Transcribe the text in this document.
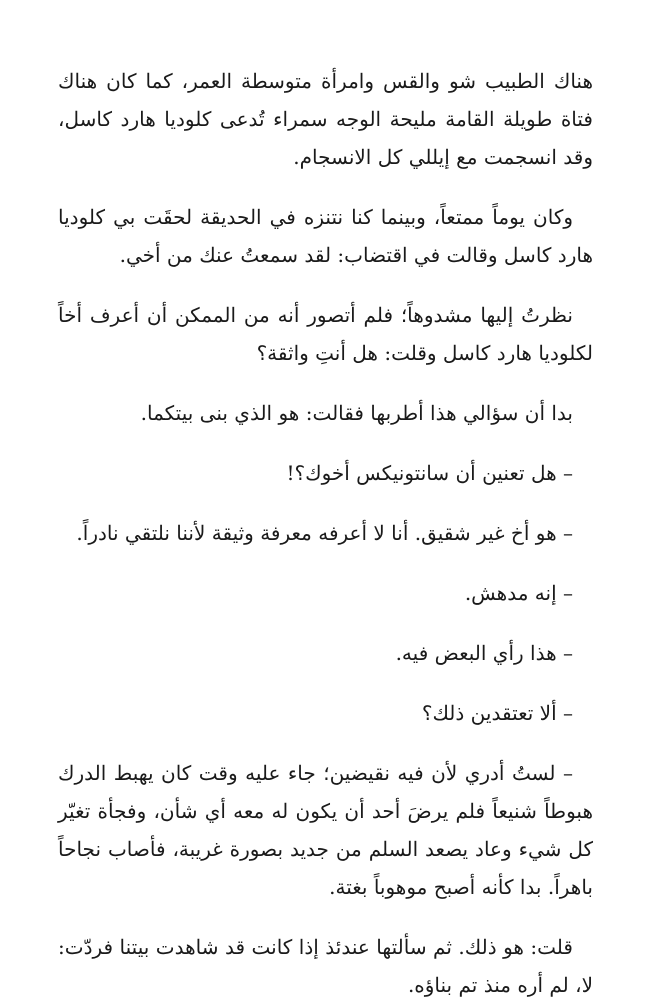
هناك الطبيب شو والقس وامرأة متوسطة العمر، كما كان هناك فتاة طويلة القامة مليحة الوجه سمراء تُدعى كلوديا هارد كاسل، وقد انسجمت مع إيللي كل الانسجام.

وكان يوماً ممتعاً، وبينما كنا نتنزه في الحديقة لحقَت بي كلوديا هارد كاسل وقالت في اقتضاب: لقد سمعتُ عنك من أخي.

نظرتُ إليها مشدوهاً؛ فلم أتصور أنه من الممكن أن أعرف أخاً لكلوديا هارد كاسل وقلت: هل أنتِ واثقة؟

بدا أن سؤالي هذا أطربها فقالت: هو الذي بنى بيتكما.

– هل تعنين أن سانتونيكس أخوك؟!

– هو أخ غير شقيق. أنا لا أعرفه معرفة وثيقة لأننا نلتقي نادراً.

– إنه مدهش.

– هذا رأي البعض فيه.

– ألا تعتقدين ذلك؟

– لستُ أدري لأن فيه نقيضين؛ جاء عليه وقت كان يهبط الدرك هبوطاً شنيعاً فلم يرضَ أحد أن يكون له معه أي شأن، وفجأة تغيّر كل شيء وعاد يصعد السلم من جديد بصورة غريبة، فأصاب نجاحاً باهراً. بدا كأنه أصبح موهوباً بغتة.

قلت: هو ذلك. ثم سألتها عندئذ إذا كانت قد شاهدت بيتنا فردّت: لا، لم أره منذ تم بناؤه.
